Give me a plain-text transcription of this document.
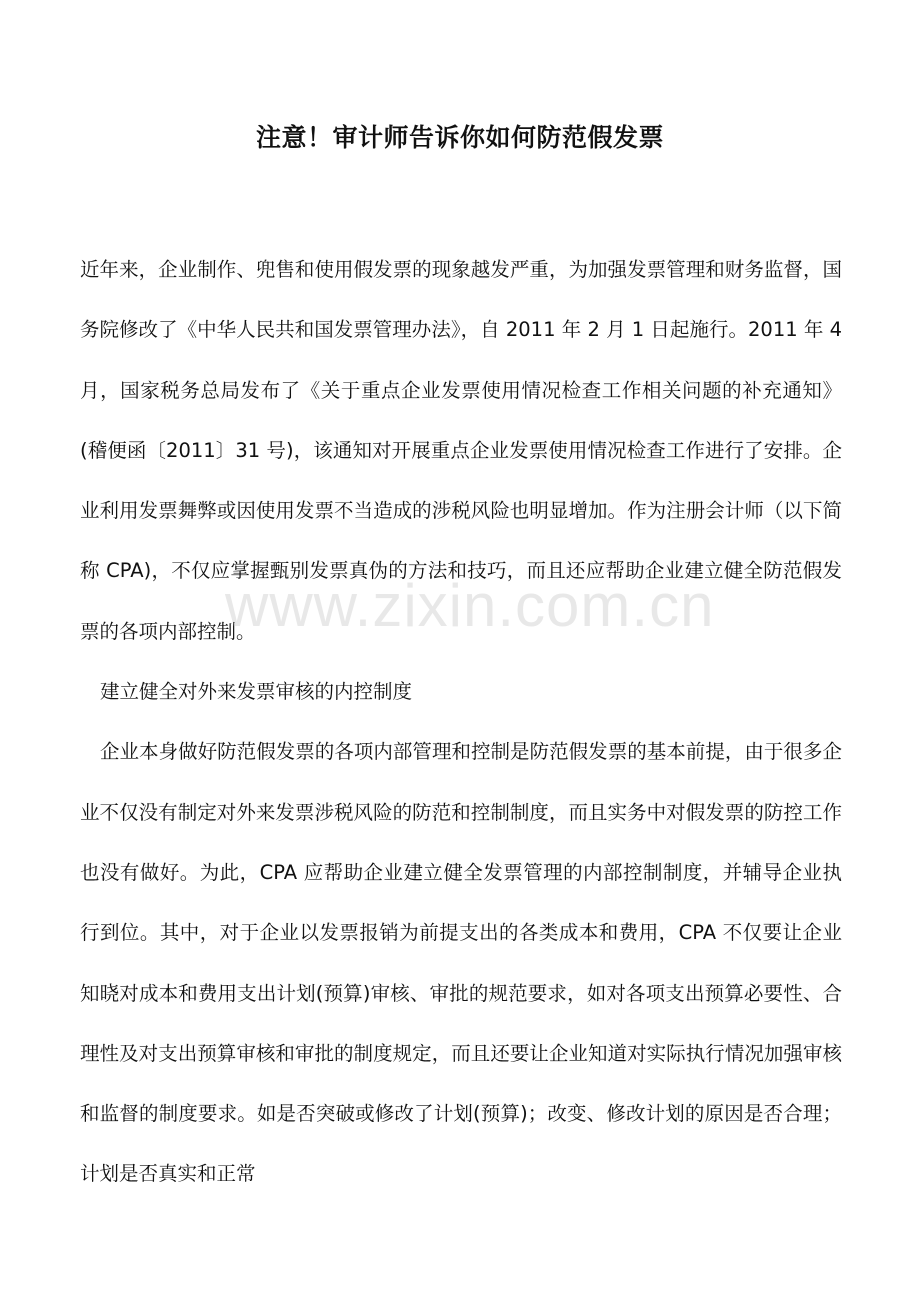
注意！审计师告诉你如何防范假发票

近年来，企业制作、兜售和使用假发票的现象越发严重，为加强发票管理和财务监督，国务院修改了《中华人民共和国发票管理办法》，自 2011 年 2 月 1 日起施行。2011 年 4 月，国家税务总局发布了《关于重点企业发票使用情况检查工作相关问题的补充通知》(稽便函〔2011〕31 号)，该通知对开展重点企业发票使用情况检查工作进行了安排。企业利用发票舞弊或因使用发票不当造成的涉税风险也明显增加。作为注册会计师（以下简称 CPA)，不仅应掌握甄别发票真伪的方法和技巧，而且还应帮助企业建立健全防范假发票的各项内部控制。

建立健全对外来发票审核的内控制度

企业本身做好防范假发票的各项内部管理和控制是防范假发票的基本前提，由于很多企业不仅没有制定对外来发票涉税风险的防范和控制制度，而且实务中对假发票的防控工作也没有做好。为此，CPA 应帮助企业建立健全发票管理的内部控制制度，并辅导企业执行到位。其中，对于企业以发票报销为前提支出的各类成本和费用，CPA 不仅要让企业知晓对成本和费用支出计划(预算)审核、审批的规范要求，如对各项支出预算必要性、合理性及对支出预算审核和审批的制度规定，而且还要让企业知道对实际执行情况加强审核和监督的制度要求。如是否突破或修改了计划(预算)；改变、修改计划的原因是否合理；计划是否真实和正常

www.zixin.com.cn
